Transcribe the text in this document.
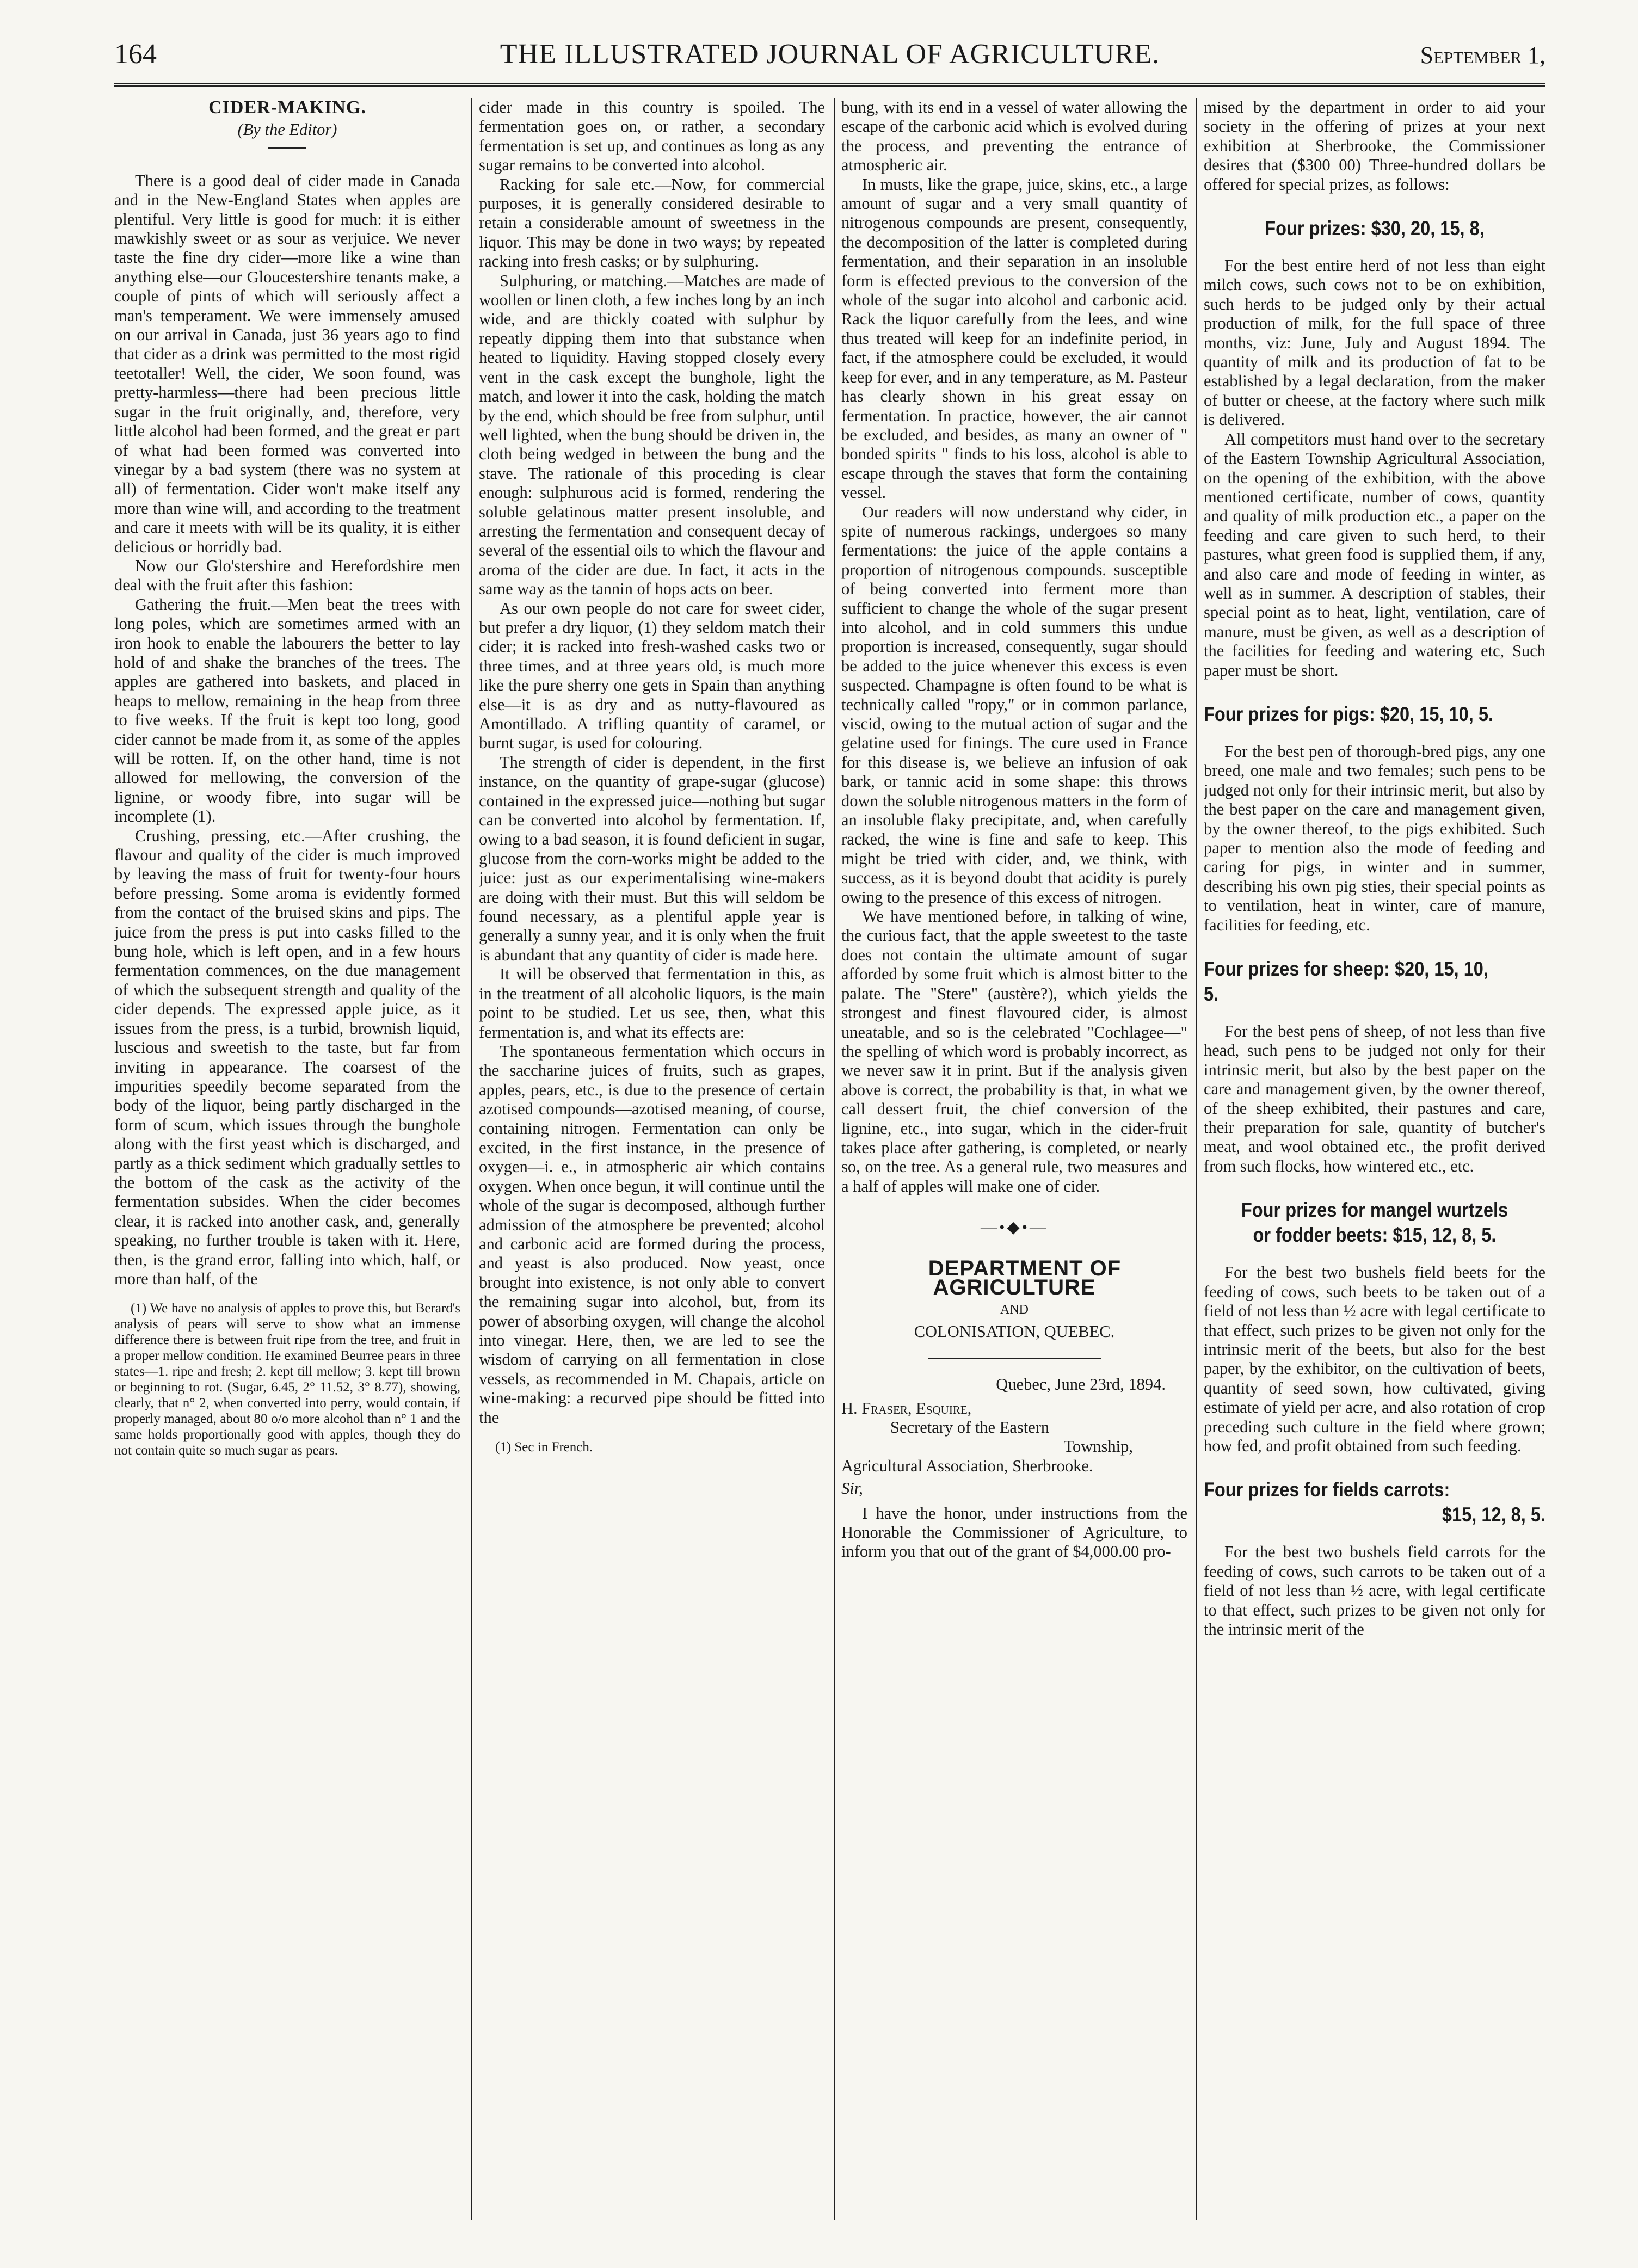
THE ILLUSTRATED JOURNAL OF AGRICULTURE.
164	September 1,
CIDER-MAKING.

(By the Editor)

There is a good deal of cider made in Canada and in the New-England States when apples are plentiful. Very little is good for much: it is either mawkishly sweet or as sour as verjuice. We never taste the fine dry cider—more like a wine than anything else—our Gloucestershire tenants make, a couple of pints of which will seriously affect a man's temperament. We were immensely amused on our arrival in Canada, just 36 years ago to find that cider as a drink was permitted to the most rigid teetotaller! Well, the cider, We soon found, was pretty-harmless—there had been precious little sugar in the fruit originally, and, therefore, very little alcohol had been formed, and the great er part of what had been formed was converted into vinegar by a bad system (there was no system at all) of fermentation. Cider won't make itself any more than wine will, and according to the treatment and care it meets with will be its quality, it is either delicious or horridly bad.

Now our Glo'stershire and Herefordshire men deal with the fruit after this fashion:

Gathering the fruit.—Men beat the trees with long poles, which are sometimes armed with an iron hook to enable the labourers the better to lay hold of and shake the branches of the trees. The apples are gathered into baskets, and placed in heaps to mellow, remaining in the heap from three to five weeks. If the fruit is kept too long, good cider cannot be made from it, as some of the apples will be rotten. If, on the other hand, time is not allowed for mellowing, the conversion of the lignine, or woody fibre, into sugar will be incomplete (1).

Crushing, pressing, etc.—After crushing, the flavour and quality of the cider is much improved by leaving the mass of fruit for twenty-four hours before pressing. Some aroma is evidently formed from the contact of the bruised skins and pips. The juice from the press is put into casks filled to the bung hole, which is left open, and in a few hours fermentation commences, on the due management of which the subsequent strength and quality of the cider depends. The expressed apple juice, as it issues from the press, is a turbid, brownish liquid, luscious and sweetish to the taste, but far from inviting in appearance. The coarsest of the impurities speedily become separated from the body of the liquor, being partly discharged in the form of scum, which issues through the bunghole along with the first yeast which is discharged, and partly as a thick sediment which gradually settles to the bottom of the cask as the activity of the fermentation subsides. When the cider becomes clear, it is racked into another cask, and, generally speaking, no further trouble is taken with it. Here, then, is the grand error, falling into which, half, or more than half, of the

(1) We have no analysis of apples to prove this, but Berard's analysis of pears will serve to show what an immense difference there is between fruit ripe from the tree, and fruit in a proper mellow condition. He examined Beurree pears in three states—1. ripe and fresh; 2. kept till mellow; 3. kept till brown or beginning to rot. (Sugar, 6.45, 2° 11.52, 3° 8.77), showing, clearly, that n° 2, when converted into perry, would contain, if properly managed, about 80 o/o more alcohol than n° 1 and the same holds proportionally good with apples, though they do not contain quite so much sugar as pears.

cider made in this country is spoiled. The fermentation goes on, or rather, a secondary fermentation is set up, and continues as long as any sugar remains to be converted into alcohol.

Racking for sale etc.—Now, for commercial purposes, it is generally considered desirable to retain a considerable amount of sweetness in the liquor. This may be done in two ways; by repeated racking into fresh casks; or by sulphuring.

Sulphuring, or matching.—Matches are made of woollen or linen cloth, a few inches long by an inch wide, and are thickly coated with sulphur by repeatly dipping them into that substance when heated to liquidity. Having stopped closely every vent in the cask except the bunghole, light the match, and lower it into the cask, holding the match by the end, which should be free from sulphur, until well lighted, when the bung should be driven in, the cloth being wedged in between the bung and the stave. The rationale of this proceding is clear enough: sulphurous acid is formed, rendering the soluble gelatinous matter present insoluble, and arresting the fermentation and consequent decay of several of the essential oils to which the flavour and aroma of the cider are due. In fact, it acts in the same way as the tannin of hops acts on beer.

As our own people do not care for sweet cider, but prefer a dry liquor, (1) they seldom match their cider; it is racked into fresh-washed casks two or three times, and at three years old, is much more like the pure sherry one gets in Spain than anything else—it is as dry and as nutty-flavoured as Amontillado. A trifling quantity of caramel, or burnt sugar, is used for colouring.

The strength of cider is dependent, in the first instance, on the quantity of grape-sugar (glucose) contained in the expressed juice—nothing but sugar can be converted into alcohol by fermentation. If, owing to a bad season, it is found deficient in sugar, glucose from the corn-works might be added to the juice: just as our experimentalising wine-makers are doing with their must. But this will seldom be found necessary, as a plentiful apple year is generally a sunny year, and it is only when the fruit is abundant that any quantity of cider is made here.

It will be observed that fermentation in this, as in the treatment of all alcoholic liquors, is the main point to be studied. Let us see, then, what this fermentation is, and what its effects are:

The spontaneous fermentation which occurs in the saccharine juices of fruits, such as grapes, apples, pears, etc., is due to the presence of certain azotised compounds—azotised meaning, of course, containing nitrogen. Fermentation can only be excited, in the first instance, in the presence of oxygen—i. e., in atmospheric air which contains oxygen. When once begun, it will continue until the whole of the sugar is decomposed, although further admission of the atmosphere be prevented; alcohol and carbonic acid are formed during the process, and yeast is also produced. Now yeast, once brought into existence, is not only able to convert the remaining sugar into alcohol, but, from its power of absorbing oxygen, will change the alcohol into vinegar. Here, then, we are led to see the wisdom of carrying on all fermentation in close vessels, as recommended in M. Chapais, article on wine-making: a recurved pipe should be fitted into the

(1) Sec in French.

bung, with its end in a vessel of water allowing the escape of the carbonic acid which is evolved during the process, and preventing the entrance of atmospheric air.

In musts, like the grape, juice, skins, etc., a large amount of sugar and a very small quantity of nitrogenous compounds are present, consequently, the decomposition of the latter is completed during fermentation, and their separation in an insoluble form is effected previous to the conversion of the whole of the sugar into alcohol and carbonic acid. Rack the liquor carefully from the lees, and wine thus treated will keep for an indefinite period, in fact, if the atmosphere could be excluded, it would keep for ever, and in any temperature, as M. Pasteur has clearly shown in his great essay on fermentation. In practice, however, the air cannot be excluded, and besides, as many an owner of " bonded spirits " finds to his loss, alcohol is able to escape through the staves that form the containing vessel.

Our readers will now understand why cider, in spite of numerous rackings, undergoes so many fermentations: the juice of the apple contains a proportion of nitrogenous compounds. susceptible of being converted into ferment more than sufficient to change the whole of the sugar present into alcohol, and in cold summers this undue proportion is increased, consequently, sugar should be added to the juice whenever this excess is even suspected. Champagne is often found to be what is technically called "ropy," or in common parlance, viscid, owing to the mutual action of sugar and the gelatine used for finings. The cure used in France for this disease is, we believe an infusion of oak bark, or tannic acid in some shape: this throws down the soluble nitrogenous matters in the form of an insoluble flaky precipitate, and, when carefully racked, the wine is fine and safe to keep. This might be tried with cider, and, we think, with success, as it is beyond doubt that acidity is purely owing to the presence of this excess of nitrogen.

We have mentioned before, in talking of wine, the curious fact, that the apple sweetest to the taste does not contain the ultimate amount of sugar afforded by some fruit which is almost bitter to the palate. The "Stere" (austère?), which yields the strongest and finest flavoured cider, is almost uneatable, and so is the celebrated "Cochlagee—" the spelling of which word is probably incorrect, as we never saw it in print. But if the analysis given above is correct, the probability is that, in what we call dessert fruit, the chief conversion of the lignine, etc., into sugar, which in the cider-fruit takes place after gathering, is completed, or nearly so, on the tree. As a general rule, two measures and a half of apples will make one of cider.

—•◆•—

DEPARTMENT OF AGRICULTURE

AND

COLONISATION, QUEBEC.

Quebec, June 23rd, 1894.

H. Fraser, Esquire,

Secretary of the Eastern

Township,

Agricultural Association, Sherbrooke.

Sir,

I have the honor, under instructions from the Honorable the Commissioner of Agriculture, to inform you that out of the grant of $4,000.00 pro-

mised by the department in order to aid your society in the offering of prizes at your next exhibition at Sherbrooke, the Commissioner desires that ($300 00) Three-hundred dollars be offered for special prizes, as follows:

Four prizes: $30, 20, 15, 8,

For the best entire herd of not less than eight milch cows, such cows not to be on exhibition, such herds to be judged only by their actual production of milk, for the full space of three months, viz: June, July and August 1894. The quantity of milk and its production of fat to be established by a legal declaration, from the maker of butter or cheese, at the factory where such milk is delivered.

All competitors must hand over to the secretary of the Eastern Township Agricultural Association, on the opening of the exhibition, with the above mentioned certificate, number of cows, quantity and quality of milk production etc., a paper on the feeding and care given to such herd, to their pastures, what green food is supplied them, if any, and also care and mode of feeding in winter, as well as in summer. A description of stables, their special point as to heat, light, ventilation, care of manure, must be given, as well as a description of the facilities for feeding and watering etc, Such paper must be short.

Four prizes for pigs: $20, 15, 10, 5.

For the best pen of thorough-bred pigs, any one breed, one male and two females; such pens to be judged not only for their intrinsic merit, but also by the best paper on the care and management given, by the owner thereof, to the pigs exhibited. Such paper to mention also the mode of feeding and caring for pigs, in winter and in summer, describing his own pig sties, their special points as to ventilation, heat in winter, care of manure, facilities for feeding, etc.

Four prizes for sheep: $20, 15, 10, 5.

For the best pens of sheep, of not less than five head, such pens to be judged not only for their intrinsic merit, but also by the best paper on the care and management given, by the owner thereof, of the sheep exhibited, their pastures and care, their preparation for sale, quantity of butcher's meat, and wool obtained etc., the profit derived from such flocks, how wintered etc., etc.

Four prizes for mangel wurtzels
or fodder beets: $15, 12, 8, 5.

For the best two bushels field beets for the feeding of cows, such beets to be taken out of a field of not less than ½ acre with legal certificate to that effect, such prizes to be given not only for the intrinsic merit of the beets, but also for the best paper, by the exhibitor, on the cultivation of beets, quantity of seed sown, how cultivated, giving estimate of yield per acre, and also rotation of crop preceding such culture in the field where grown; how fed, and profit obtained from such feeding.

Four prizes for fields carrots:
$15, 12, 8, 5.

For the best two bushels field carrots for the feeding of cows, such carrots to be taken out of a field of not less than ½ acre, with legal certificate to that effect, such prizes to be given not only for the intrinsic merit of the
